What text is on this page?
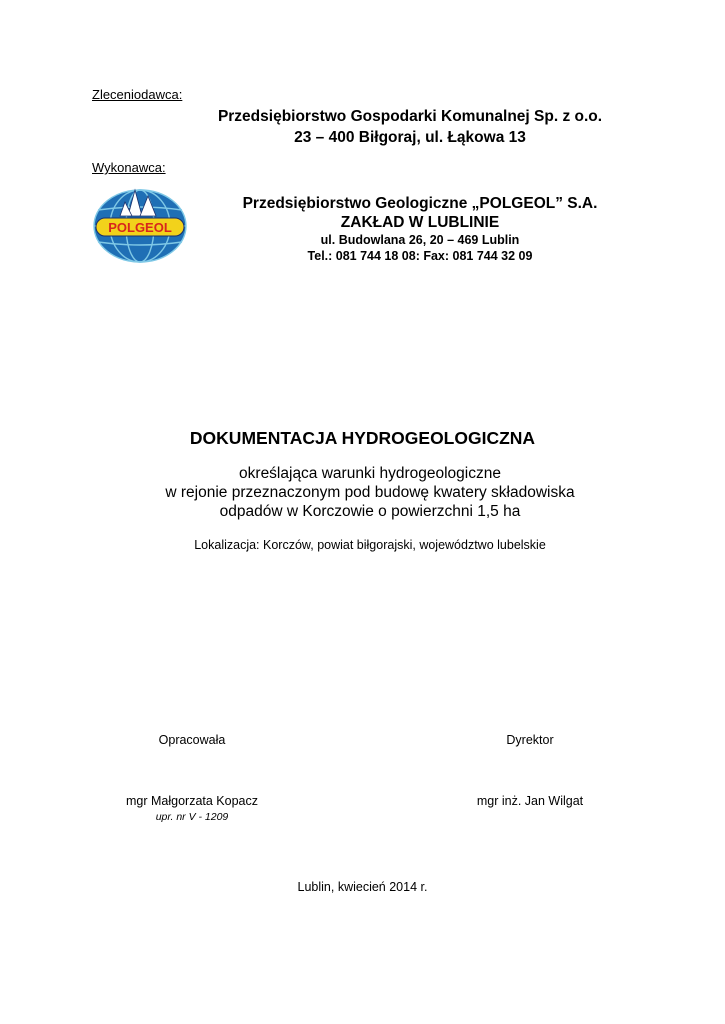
Zleceniodawca:
Przedsiębiorstwo Gospodarki Komunalnej Sp. z o.o.
23 – 400 Biłgoraj, ul. Łąkowa 13
Wykonawca:
POLGEOL
Przedsiębiorstwo Geologiczne „POLGEOL” S.A.
ZAKŁAD W LUBLINIE
ul. Budowlana 26, 20 – 469 Lublin
Tel.: 081 744 18 08: Fax: 081 744 32 09
DOKUMENTACJA HYDROGEOLOGICZNA
określająca warunki hydrogeologiczne
w rejonie przeznaczonym pod budowę kwatery składowiska
odpadów w Korczowie o powierzchni 1,5 ha
Lokalizacja: Korczów, powiat biłgorajski, województwo lubelskie
Opracowała	Dyrektor
mgr Małgorzata Kopacz	mgr inż. Jan Wilgat
upr. nr V - 1209
Lublin, kwiecień 2014 r.
